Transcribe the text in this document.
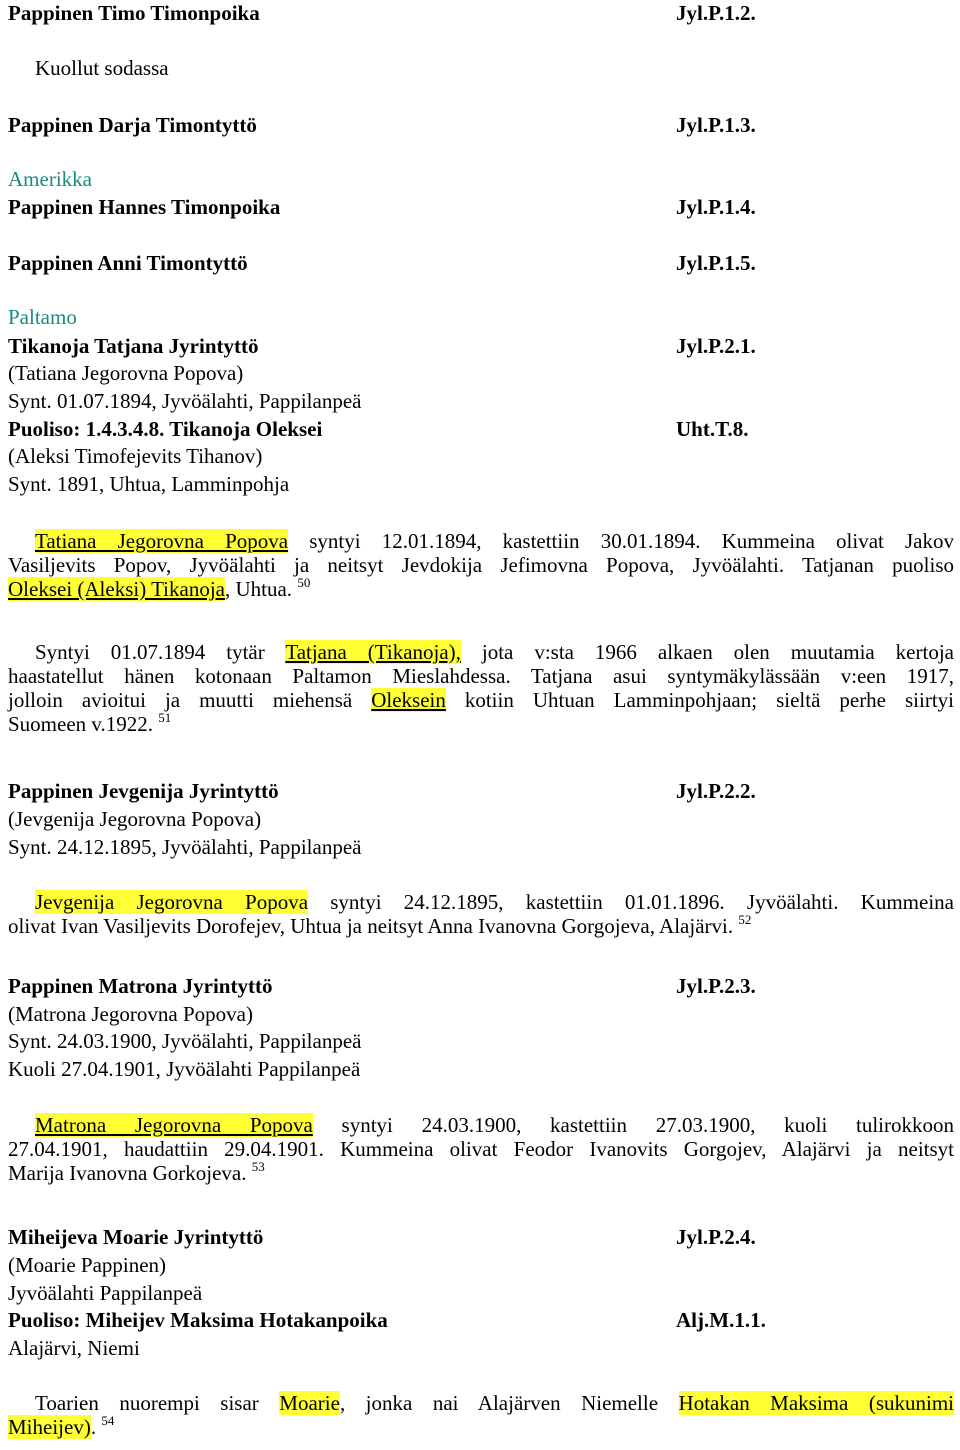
Pappinen Timo Timonpoika	Jyl.P.1.2.
Kuollut sodassa
Pappinen Darja Timontyttö	Jyl.P.1.3.
Amerikka
Pappinen Hannes Timonpoika	Jyl.P.1.4.
Pappinen Anni Timontyttö	Jyl.P.1.5.
Paltamo
Tikanoja Tatjana Jyrintyttö	Jyl.P.2.1.
(Tatiana Jegorovna Popova)
Synt. 01.07.1894, Jyvöälahti, Pappilanpeä
Puoliso: 1.4.3.4.8. Tikanoja Oleksei	Uht.T.8.
(Aleksi Timofejevits Tihanov)
Synt. 1891, Uhtua, Lamminpohja
Tatiana Jegorovna Popova syntyi 12.01.1894, kastettiin 30.01.1894. Kummeina olivat Jakov
Vasiljevits Popov, Jyvöälahti ja neitsyt Jevdokija Jefimovna Popova, Jyvöälahti. Tatjanan puoliso
Oleksei (Aleksi) Tikanoja, Uhtua. $^{50}$
Syntyi 01.07.1894 tytär Tatjana (Tikanoja), jota v:sta 1966 alkaen olen muutamia kertoja
haastatellut hänen kotonaan Paltamon Mieslahdessa. Tatjana asui syntymäkylässään v:een 1917,
jolloin avioitui ja muutti miehensä Oleksein kotiin Uhtuan Lamminpohjaan; sieltä perhe siirtyi
Suomeen v.1922. $^{51}$
Pappinen Jevgenija Jyrintyttö	Jyl.P.2.2.
(Jevgenija Jegorovna Popova)
Synt. 24.12.1895, Jyvöälahti, Pappilanpeä
Jevgenija Jegorovna Popova syntyi 24.12.1895, kastettiin 01.01.1896. Jyvöälahti. Kummeina
olivat Ivan Vasiljevits Dorofejev, Uhtua ja neitsyt Anna Ivanovna Gorgojeva, Alajärvi. $^{52}$
Pappinen Matrona Jyrintyttö	Jyl.P.2.3.
(Matrona Jegorovna Popova)
Synt. 24.03.1900, Jyvöälahti, Pappilanpeä
Kuoli 27.04.1901, Jyvöälahti Pappilanpeä
Matrona Jegorovna Popova syntyi 24.03.1900, kastettiin 27.03.1900, kuoli tulirokkoon
27.04.1901, haudattiin 29.04.1901. Kummeina olivat Feodor Ivanovits Gorgojev, Alajärvi ja neitsyt
Marija Ivanovna Gorkojeva. $^{53}$
Miheijeva Moarie Jyrintyttö	Jyl.P.2.4.
(Moarie Pappinen)
Jyvöälahti Pappilanpeä
Puoliso: Miheijev Maksima Hotakanpoika	Alj.M.1.1.
Alajärvi, Niemi
Toarien nuorempi sisar Moarie, jonka nai Alajärven Niemelle Hotakan Maksima (sukunimi
Miheijev). $^{54}$
